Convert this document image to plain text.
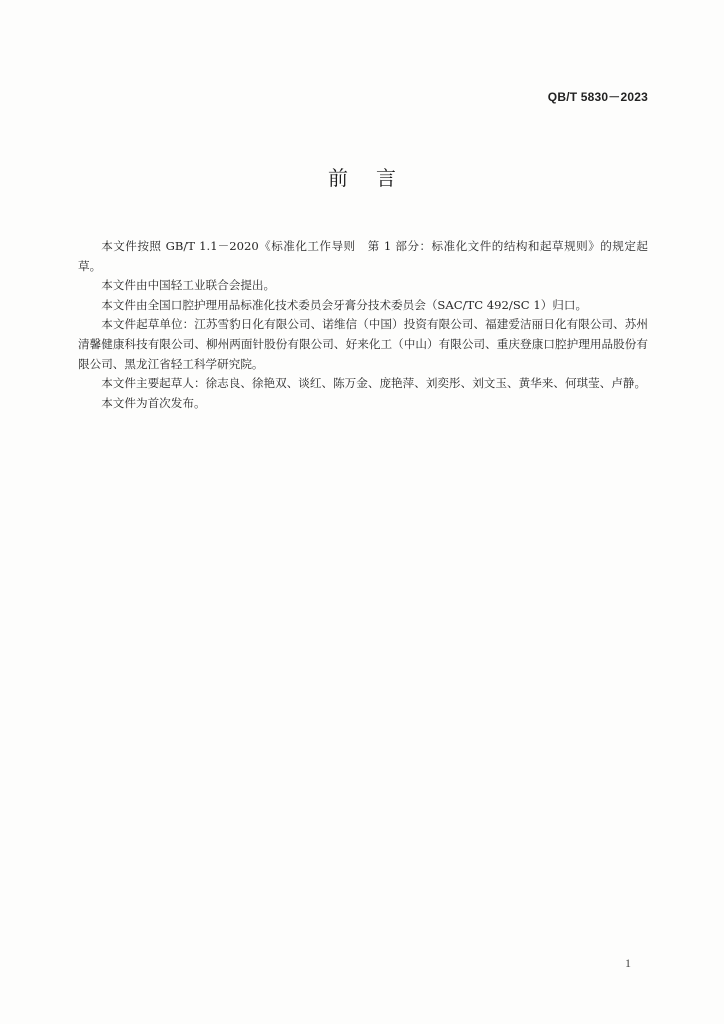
QB/T 5830－2023
前言

本文件按照 GB/T 1.1－2020《标准化工作导则　第 1 部分：标准化文件的结构和起草规则》的规定起草。

本文件由中国轻工业联合会提出。

本文件由全国口腔护理用品标准化技术委员会牙膏分技术委员会（SAC/TC 492/SC 1）归口。

本文件起草单位：江苏雪豹日化有限公司、诺维信（中国）投资有限公司、福建爱洁丽日化有限公司、苏州清馨健康科技有限公司、柳州两面针股份有限公司、好来化工（中山）有限公司、重庆登康口腔护理用品股份有限公司、黑龙江省轻工科学研究院。

本文件主要起草人：徐志良、徐艳双、谈红、陈万金、庞艳萍、刘奕彤、刘文玉、黄华来、何琪莹、卢静。

本文件为首次发布。

1
